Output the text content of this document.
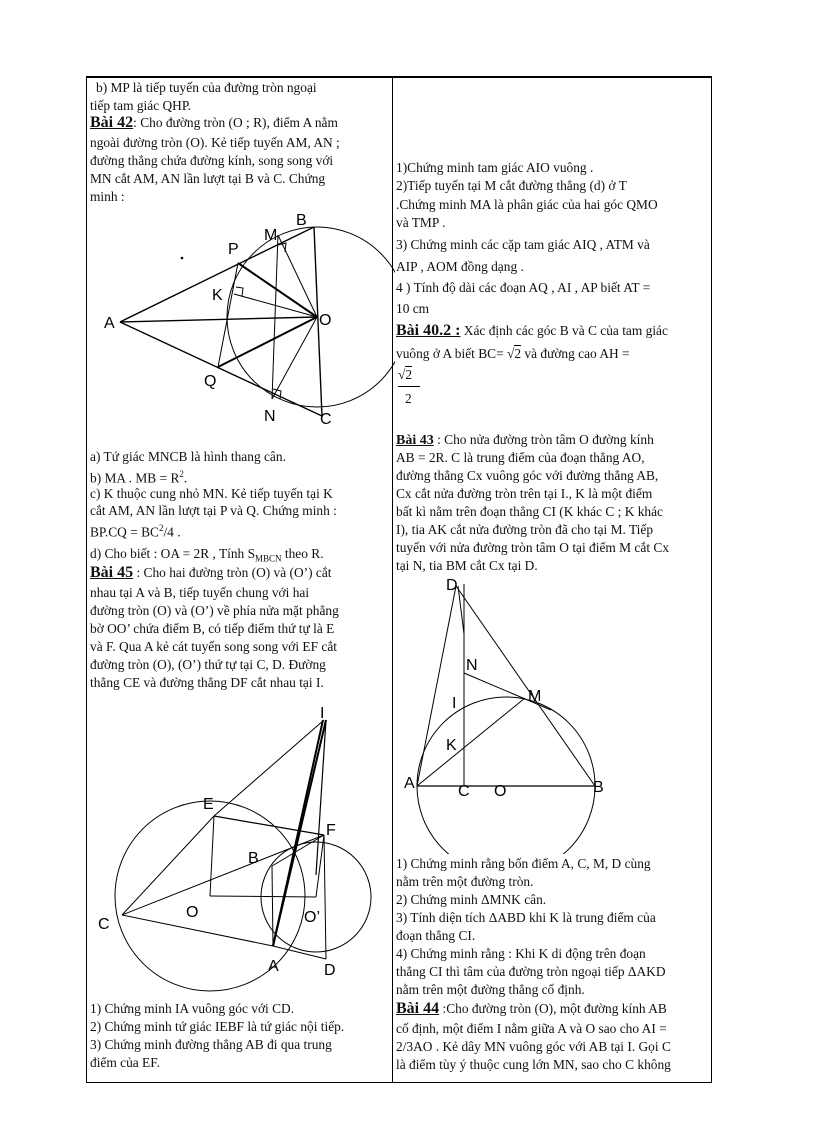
b) MP là tiếp tuyến của đường tròn ngoại
tiếp tam giác QHP.
Bài 42: Cho đường tròn (O ; R), điểm A nằm
ngoài đường tròn (O). Kẻ tiếp tuyến AM, AN ;
đường thẳng chứa đường kính, song song với
MN cắt AM, AN lần lượt tại B và C. Chứng
minh :
A
B
C
M
N
O
P
K
Q
a) Tứ giác MNCB là hình thang cân.
b) MA . MB = $R^2$.
c) K thuộc cung nhỏ MN. Kẻ tiếp tuyến tại K
cắt AM, AN lần lượt tại P và Q. Chứng minh :
$BP.CQ = BC^2/4$ .
d) Cho biết : OA = 2R , Tính $S_{MBCN}$ theo R.
Bài 45 : Cho hai đường tròn (O) và (O’) cắt
nhau tại A và B, tiếp tuyến chung với hai
đường tròn (O) và (O’) về phía nửa mặt phẳng
bờ OO’ chứa điểm B, có tiếp điểm thứ tự là E
và F. Qua A kẻ cát tuyến song song với EF cắt
đường tròn (O), (O’) thứ tự tại C, D. Đường
thẳng CE và đường thẳng DF cắt nhau tại I.
I
E
F
B
C
O	O’
A	D
1) Chứng minh IA vuông góc với CD.
2) Chứng minh tứ giác IEBF là tứ giác nội tiếp.
3) Chứng minh đường thẳng AB đi qua trung
điểm của EF.
1)Chứng minh tam giác AIO vuông .
2)Tiếp tuyến tại M cắt đường thẳng (d) ở T
.Chứng minh MA là phân giác của hai góc QMO
và TMP .
3) Chứng minh các cặp tam giác AIQ , ATM và
AIP , AOM đồng dạng .
4 ) Tính độ dài các đoạn AQ , AI , AP biết AT =
10 cm
Bài 40.2 : Xác định các góc B và C của tam giác
vuông ở A biết BC= √2 và đường cao AH =
√2
2
Bài 43 : Cho nửa đường tròn tâm O đường kính
AB = 2R. C là trung điểm của đoạn thẳng AO,
đường thẳng Cx vuông góc với đường thẳng AB,
Cx cắt nửa đường tròn trên tại I., K là một điểm
bất kì nằm trên đoạn thẳng CI (K khác C ; K khác
I), tia AK cắt nửa đường tròn đã cho tại M. Tiếp
tuyến với nửa đường tròn tâm O tại điểm M cắt Cx
tại N, tia BM cắt Cx tại D.
D
N
M
I
K
A	C O	B
1) Chứng minh rằng bốn điểm A, C, M, D cùng
nằm trên một đường tròn.
2) Chứng minh ΔMNK cân.
3) Tính diện tích ΔABD khi K là trung điểm của
đoạn thẳng CI.
4) Chứng minh rằng : Khi K di động trên đoạn
thẳng CI thì tâm của đường tròn ngoại tiếp ΔAKD
nằm trên một đường thẳng cố định.
Bài 44 :Cho đường tròn (O), một đường kính AB
cố định, một điểm I nằm giữa A và O sao cho AI =
2/3AO . Kẻ dây MN vuông góc với AB tại I. Gọi C
là điểm tùy ý thuộc cung lớn MN, sao cho C không
